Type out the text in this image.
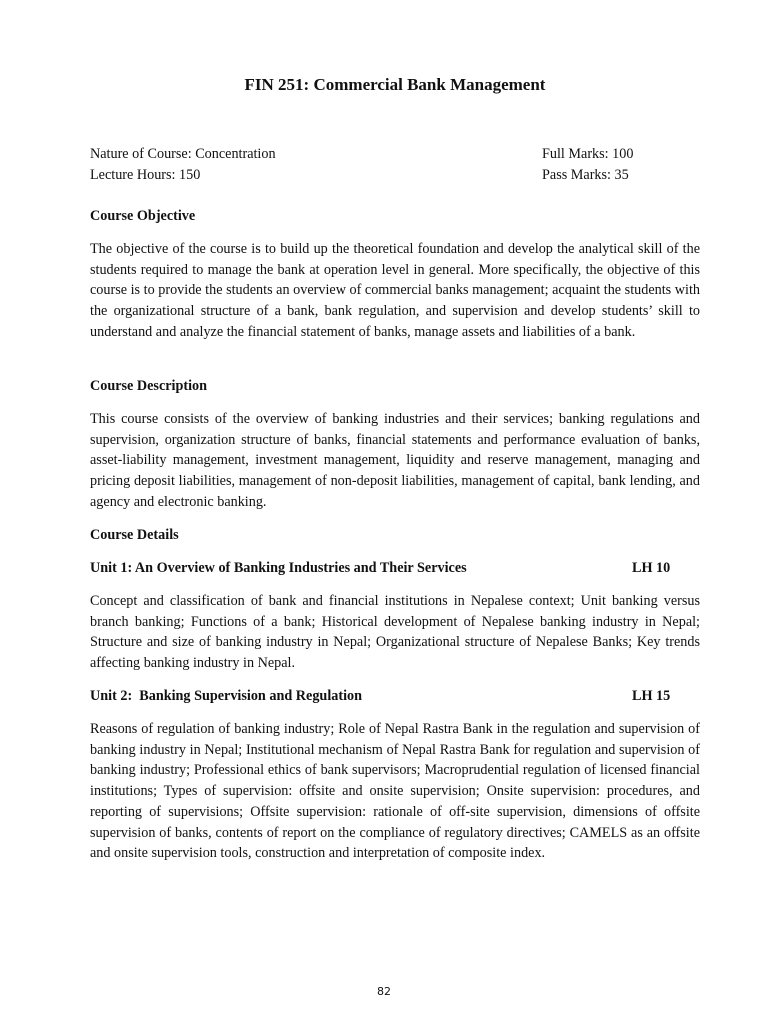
FIN 251: Commercial Bank Management
Nature of Course: Concentration	Full Marks: 100
Lecture Hours: 150	Pass Marks: 35
Course Objective
The objective of the course is to build up the theoretical foundation and develop the analytical skill of the students required to manage the bank at operation level in general. More specifically, the objective of this course is to provide the students an overview of commercial banks management; acquaint the students with the organizational structure of a bank, bank regulation, and supervision and develop students’ skill to understand and analyze the financial statement of banks, manage assets and liabilities of a bank.
Course Description
This course consists of the overview of banking industries and their services; banking regulations and supervision, organization structure of banks, financial statements and performance evaluation of banks, asset-liability management, investment management, liquidity and reserve management, managing and pricing deposit liabilities, management of non-deposit liabilities, management of capital, bank lending, and agency and electronic banking.
Course Details
Unit 1: An Overview of Banking Industries and Their Services	LH 10
Concept and classification of bank and financial institutions in Nepalese context; Unit banking versus branch banking; Functions of a bank; Historical development of Nepalese banking industry in Nepal; Structure and size of banking industry in Nepal; Organizational structure of Nepalese Banks; Key trends affecting banking industry in Nepal.
Unit 2:  Banking Supervision and Regulation	LH 15
Reasons of regulation of banking industry; Role of Nepal Rastra Bank in the regulation and supervision of banking industry in Nepal; Institutional mechanism of Nepal Rastra Bank for regulation and supervision of banking industry; Professional ethics of bank supervisors; Macroprudential regulation of licensed financial institutions; Types of supervision: offsite and onsite supervision; Onsite supervision: procedures, and reporting of supervisions; Offsite supervision: rationale of off-site supervision, dimensions of offsite supervision of banks, contents of report on the compliance of regulatory directives; CAMELS as an offsite and onsite supervision tools, construction and interpretation of composite index.
82
